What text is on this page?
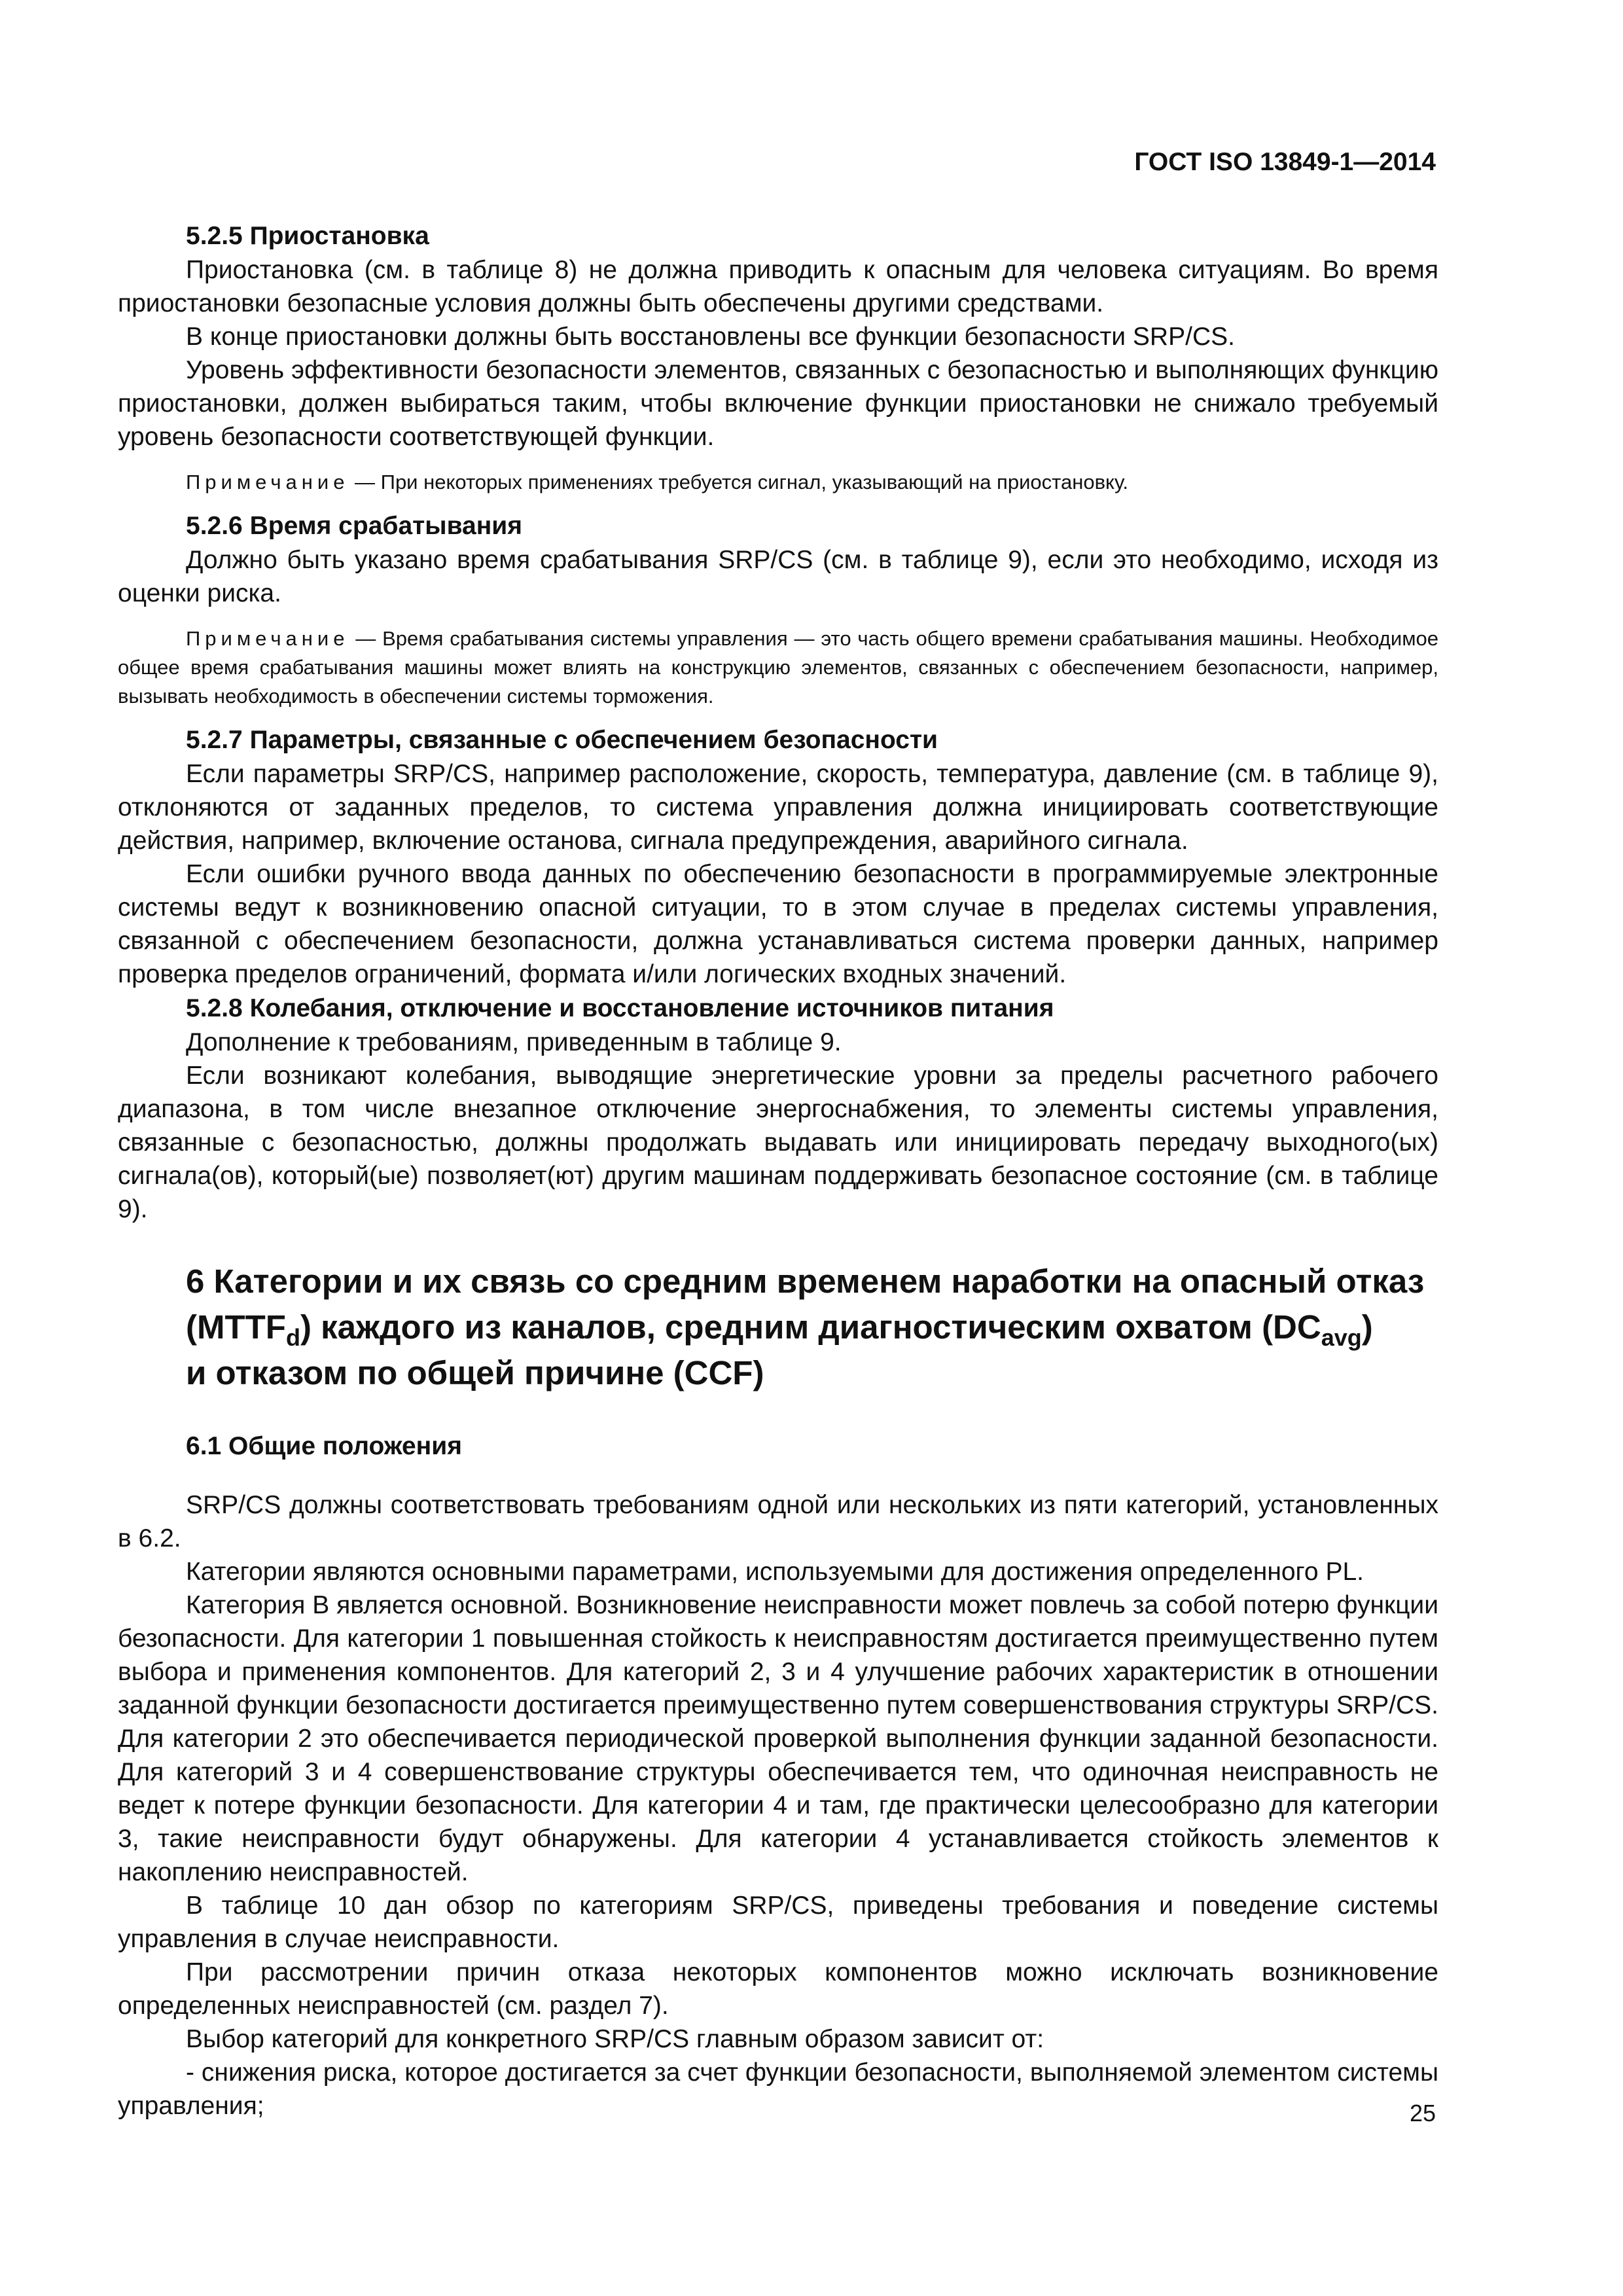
ГОСТ ISO 13849-1—2014

5.2.5 Приостановка

Приостановка (см. в таблице 8) не должна приводить к опасным для человека ситуациям. Во время приостановки безопасные условия должны быть обеспечены другими средствами.

В конце приостановки должны быть восстановлены все функции безопасности SRP/CS.

Уровень эффективности безопасности элементов, связанных с безопасностью и выполняющих функцию приостановки, должен выбираться таким, чтобы включение функции приостановки не снижало требуемый уровень безопасности соответствующей функции.

Примечание — При некоторых применениях требуется сигнал, указывающий на приостановку.

5.2.6 Время срабатывания

Должно быть указано время срабатывания SRP/CS (см. в таблице 9), если это необходимо, исходя из оценки риска.

Примечание — Время срабатывания системы управления — это часть общего времени срабатывания машины. Необходимое общее время срабатывания машины может влиять на конструкцию элементов, связанных с обеспечением безопасности, например, вызывать необходимость в обеспечении системы торможения.

5.2.7 Параметры, связанные с обеспечением безопасности

Если параметры SRP/CS, например расположение, скорость, температура, давление (см. в таблице 9), отклоняются от заданных пределов, то система управления должна инициировать соответствующие действия, например, включение останова, сигнала предупреждения, аварийного сигнала.

Если ошибки ручного ввода данных по обеспечению безопасности в программируемые электронные системы ведут к возникновению опасной ситуации, то в этом случае в пределах системы управления, связанной с обеспечением безопасности, должна устанавливаться система проверки данных, например проверка пределов ограничений, формата и/или логических входных значений.

5.2.8 Колебания, отключение и восстановление источников питания

Дополнение к требованиям, приведенным в таблице 9.

Если возникают колебания, выводящие энергетические уровни за пределы расчетного рабочего диапазона, в том числе внезапное отключение энергоснабжения, то элементы системы управления, связанные с безопасностью, должны продолжать выдавать или инициировать передачу выходного(ых) сигнала(ов), который(ые) позволяет(ют) другим машинам поддерживать безопасное состояние (см. в таблице 9).

6 Категории и их связь со средним временем наработки на опасный отказ $(MTTF_d)$ каждого из каналов, средним диагностическим охватом $(DC_{avg})$
и отказом по общей причине (CCF)

6.1 Общие положения

SRP/CS должны соответствовать требованиям одной или нескольких из пяти категорий, установленных в 6.2.

Категории являются основными параметрами, используемыми для достижения определенного PL.

Категория В является основной. Возникновение неисправности может повлечь за собой потерю функции безопасности. Для категории 1 повышенная стойкость к неисправностям достигается преимущественно путем выбора и применения компонентов. Для категорий 2, 3 и 4 улучшение рабочих характеристик в отношении заданной функции безопасности достигается преимущественно путем совершенствования структуры SRP/CS. Для категории 2 это обеспечивается периодической проверкой выполнения функции заданной безопасности. Для категорий 3 и 4 совершенствование структуры обеспечивается тем, что одиночная неисправность не ведет к потере функции безопасности. Для категории 4 и там, где практически целесообразно для категории 3, такие неисправности будут обнаружены. Для категории 4 устанавливается стойкость элементов к накоплению неисправностей.

В таблице 10 дан обзор по категориям SRP/CS, приведены требования и поведение системы управления в случае неисправности.

При рассмотрении причин отказа некоторых компонентов можно исключать возникновение определенных неисправностей (см. раздел 7).

Выбор категорий для конкретного SRP/CS главным образом зависит от:

- снижения риска, которое достигается за счет функции безопасности, выполняемой элементом системы управления;	25
